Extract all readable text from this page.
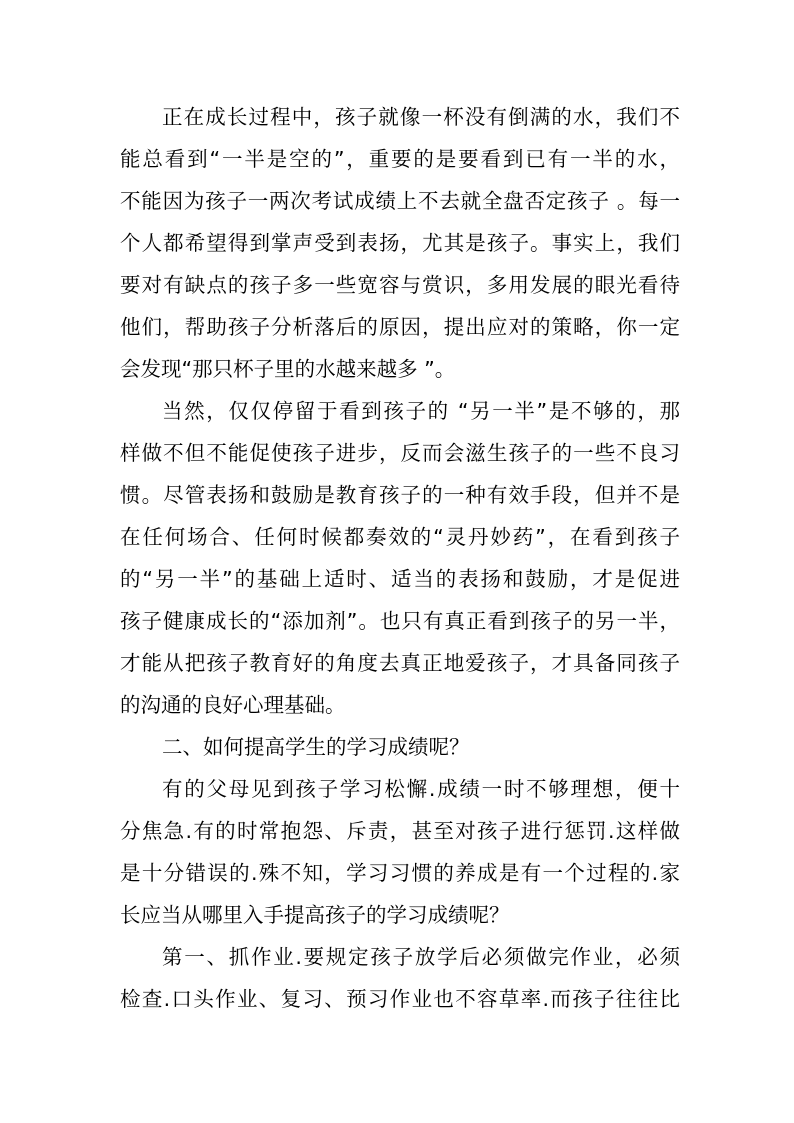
正在成长过程中，孩子就像一杯没有倒满的水，我们不
能总看到“一半是空的”，重要的是要看到已有一半的水，
不能因为孩子一两次考试成绩上不去就全盘否定孩子 。每一
个人都希望得到掌声受到表扬，尤其是孩子。事实上，我们
要对有缺点的孩子多一些宽容与赏识，多用发展的眼光看待
他们，帮助孩子分析落后的原因，提出应对的策略，你一定
会发现“那只杯子里的水越来越多 ”。
当然，仅仅停留于看到孩子的 “另一半”是不够的，那
样做不但不能促使孩子进步，反而会滋生孩子的一些不良习
惯。尽管表扬和鼓励是教育孩子的一种有效手段，但并不是
在任何场合、任何时候都奏效的“灵丹妙药”，在看到孩子
的“另一半”的基础上适时、适当的表扬和鼓励，才是促进
孩子健康成长的“添加剂”。也只有真正看到孩子的另一半，
才能从把孩子教育好的角度去真正地爱孩子，才具备同孩子
的沟通的良好心理基础。
二、如何提高学生的学习成绩呢？
有的父母见到孩子学习松懈.成绩一时不够理想，便十
分焦急.有的时常抱怨、斥责，甚至对孩子进行惩罚.这样做
是十分错误的.殊不知，学习习惯的养成是有一个过程的.家
长应当从哪里入手提高孩子的学习成绩呢？
第一、抓作业.要规定孩子放学后必须做完作业，必须
检查.口头作业、复习、预习作业也不容草率.而孩子往往比
